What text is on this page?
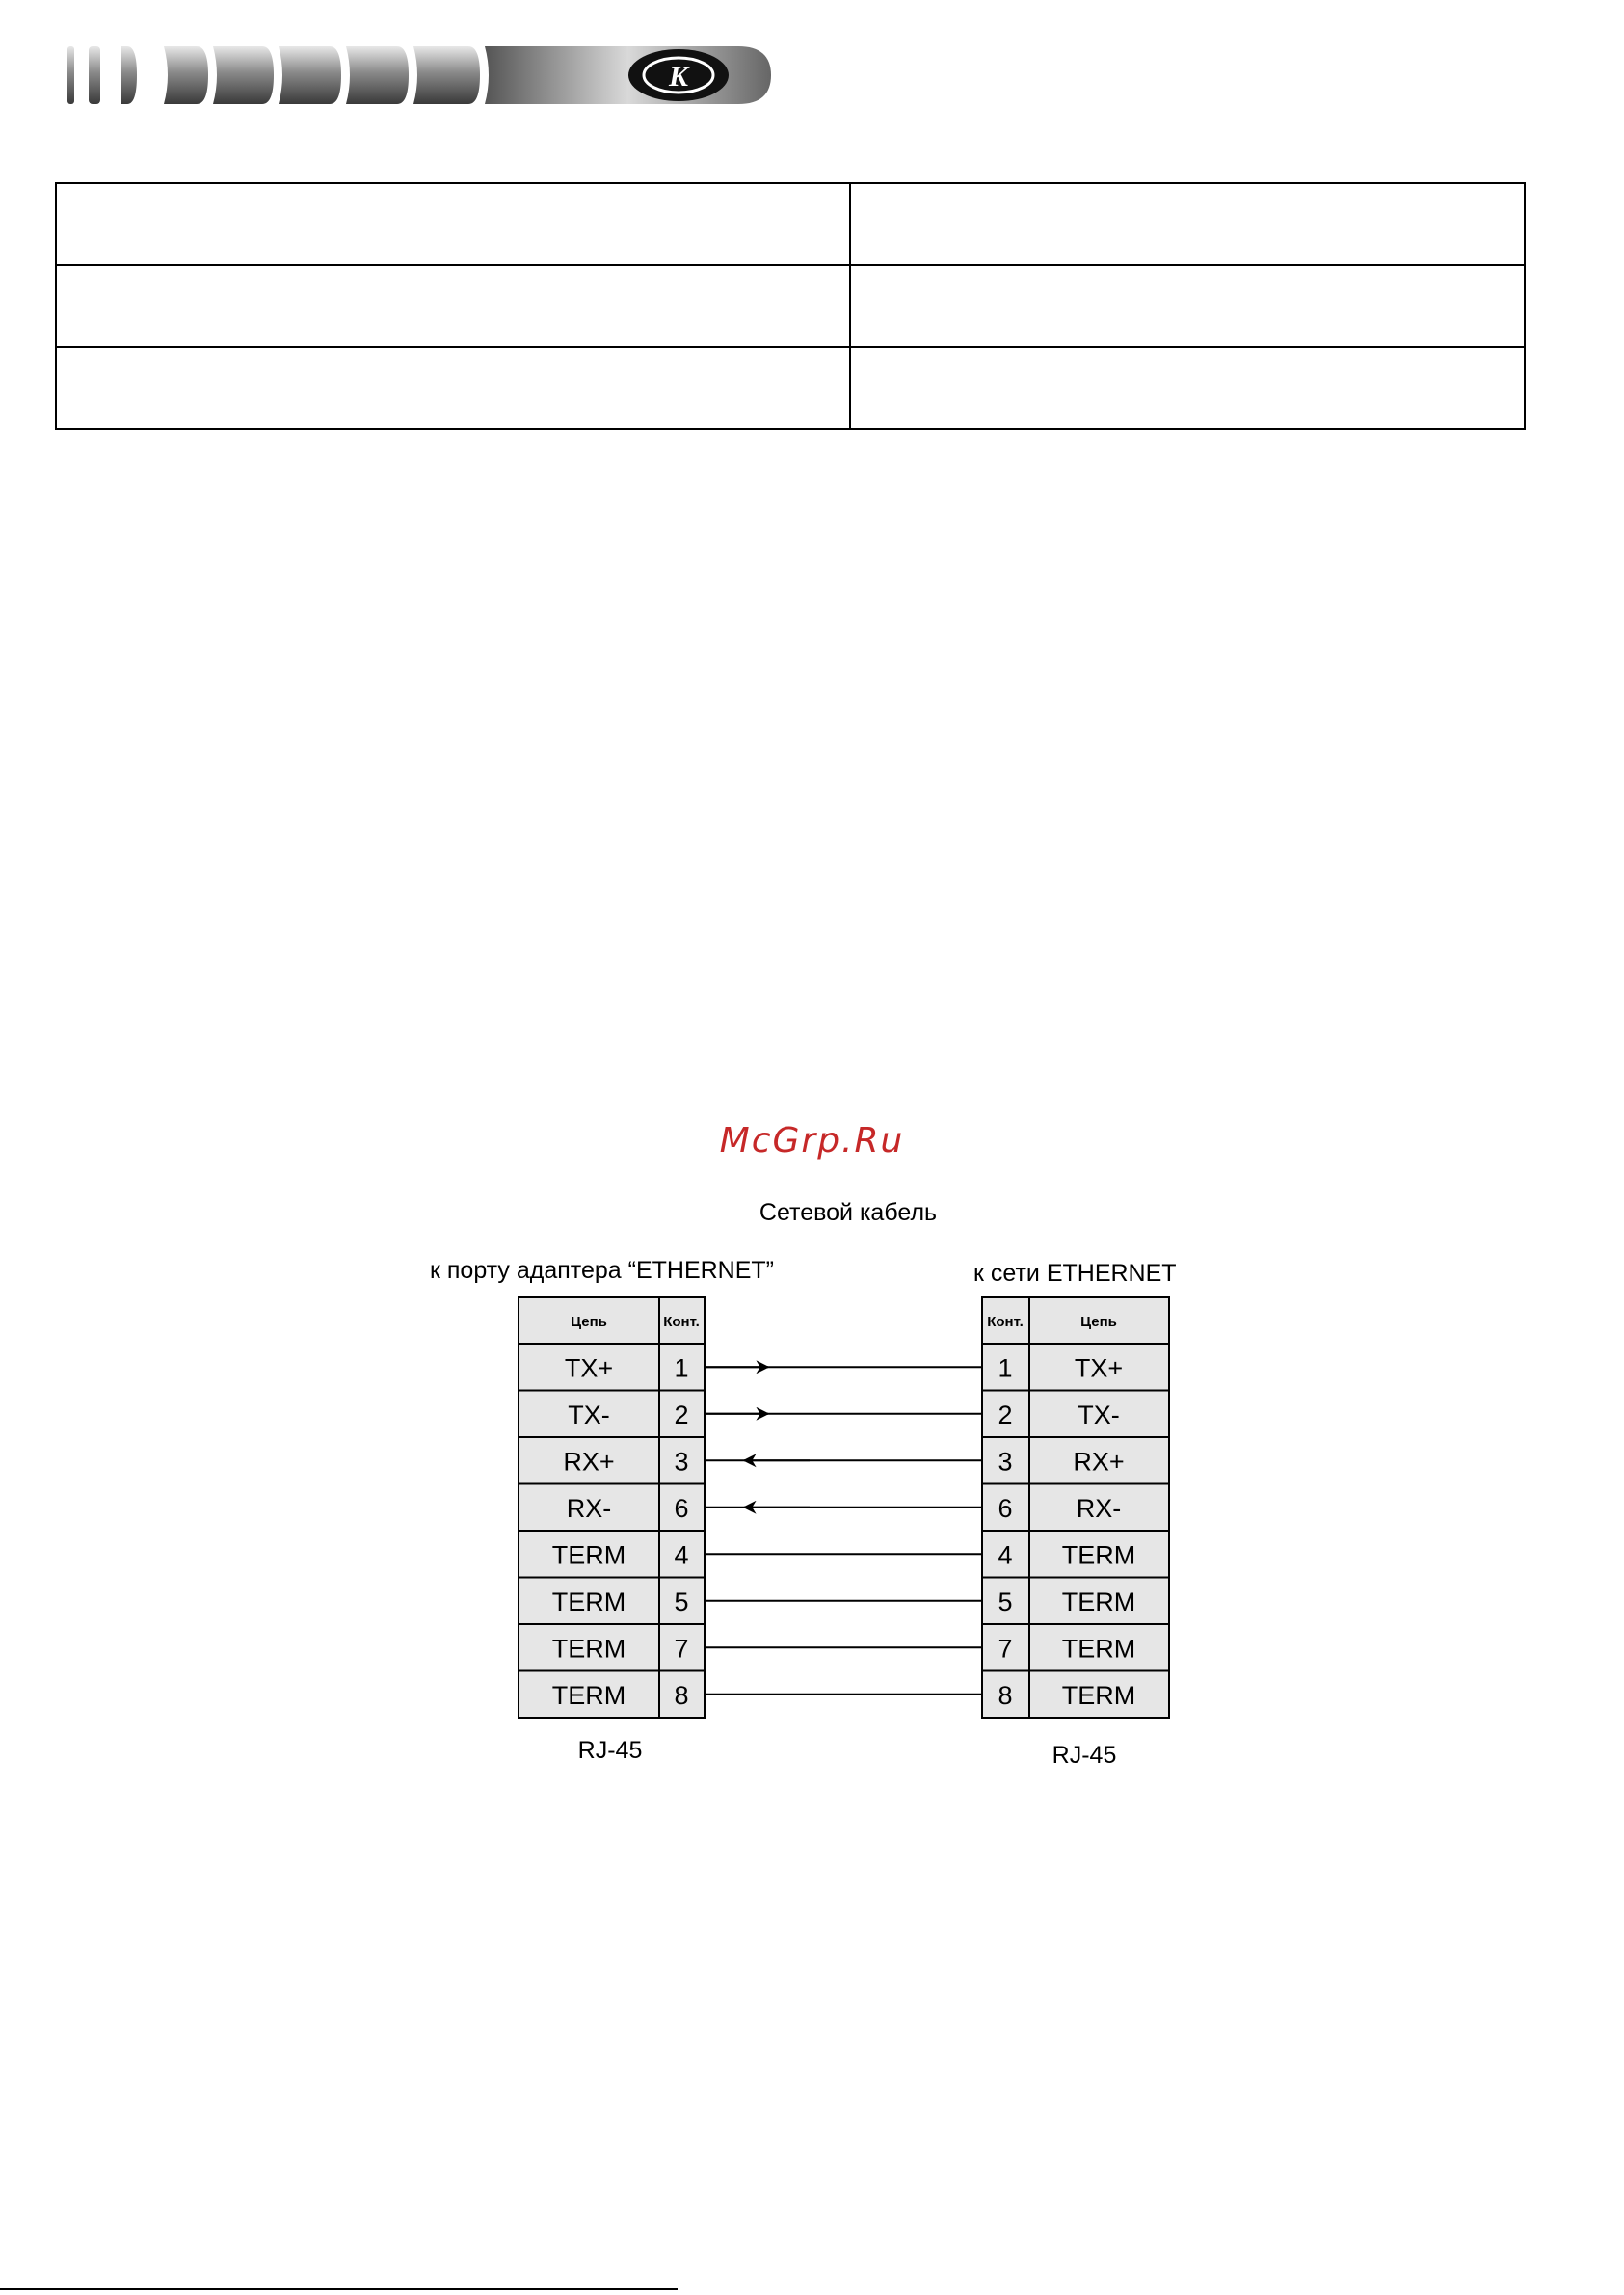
K

McGrp.Ru
Сетевой кабель
к порту адаптера “ETHERNET”	к сети ETHERNET
Цепь	Конт.
TX+ 1
TX- 2
RX+ 3
RX- 6
TERM 4
TERM 5
TERM 7
TERM 8
Конт.	Цепь
1 TX+
2	TX-
3 RX+
6 RX-
4 TERM
5 TERM
7 TERM
8 TERM
RJ-45	RJ-45
